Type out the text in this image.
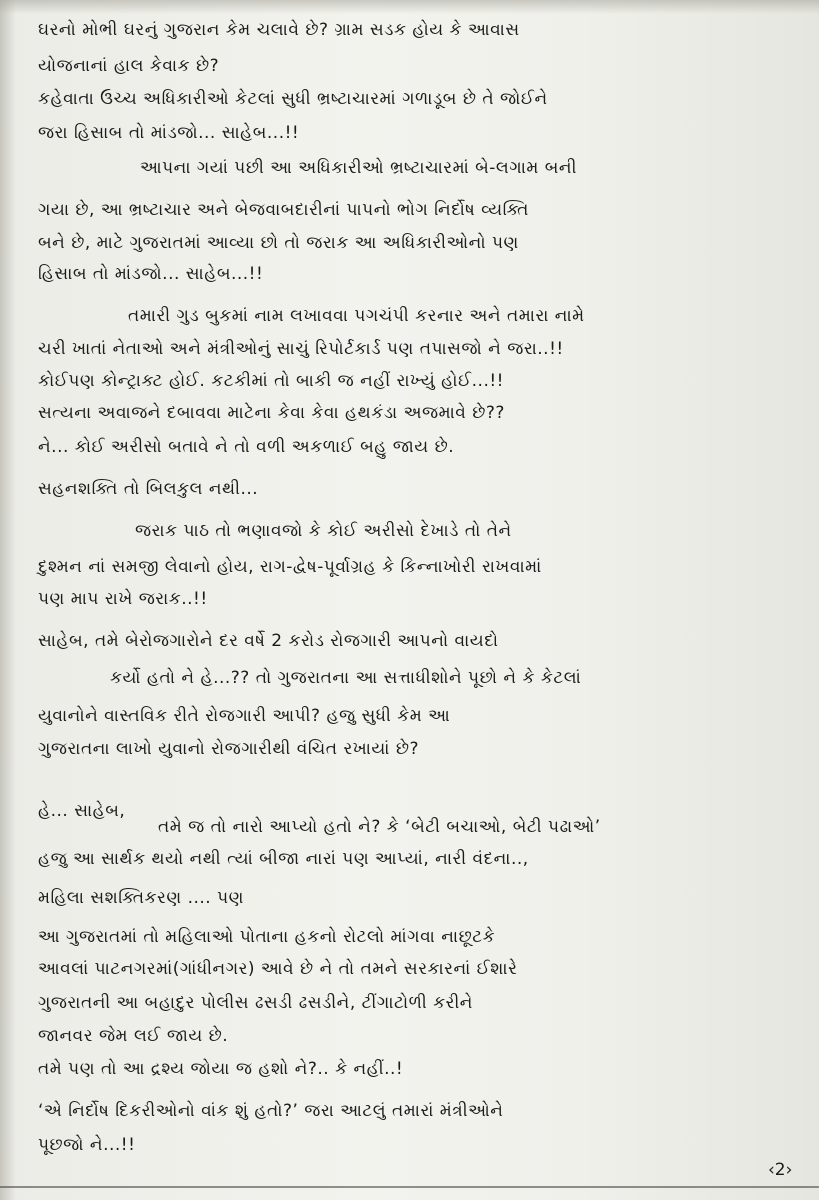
ઘરનો મોભી ઘરનું ગુજરાન કેમ ચલાવે છે? ગ્રામ સડક હોય કે આવાસ
યોજનાનાં હાલ કેવાક છે?
કહેવાતા ઉચ્ચ અધિકારીઓ કેટલાં સુધી ભ્રષ્ટાચારમાં ગળાડૂબ છે તે જોઈને
જરા હિસાબ તો માંડજો... સાહેબ...!!
આપના ગયાં પછી આ અધિકારીઓ ભ્રષ્ટાચારમાં બે-લગામ બની
ગયા છે, આ ભ્રષ્ટાચાર અને બેજવાબદારીનાં પાપનો ભોગ નિર્દોષ વ્યક્તિ
બને છે, માટે ગુજરાતમાં આવ્યા છો તો જરાક આ અધિકારીઓનો પણ
હિસાબ તો માંડજો... સાહેબ...!!
તમારી ગુડ બુકમાં નામ લખાવવા પગચંપી કરનાર અને તમારા નામે
ચરી ખાતાં નેતાઓ અને મંત્રીઓનું સાચું રિપોર્ટકાર્ડ પણ તપાસજો ને જરા..!!
કોઈપણ કોન્ટ્રાક્ટ હોઈ. કટકીમાં તો બાકી જ નહીં રાખ્યું હોઈ...!!
સત્યના અવાજને દબાવવા માટેના કેવા કેવા હથકંડા અજમાવે છે??
ને... કોઈ અરીસો બતાવે ને તો વળી અકળાઈ બહુ જાય છે.
સહનશક્તિ તો બિલકુલ નથી...
જરાક પાઠ તો ભણાવજો કે કોઈ અરીસો દેખાડે તો તેને
દુશ્મન નાં સમજી લેવાનો હોય, રાગ-દ્વેષ-પૂર્વાગ્રહ કે કિન્નાખોરી રાખવામાં
પણ માપ રાખે જરાક..!!
સાહેબ, તમે બેરોજગારોને દર વર્ષે 2 કરોડ રોજગારી આપનો વાયદો
કર્યો હતો ને હે...?? તો ગુજરાતના આ સત્તાધીશોને પૂછો ને કે કેટલાં
યુવાનોને વાસ્તવિક રીતે રોજગારી આપી? હજુ સુધી કેમ આ
ગુજરાતના લાખો યુવાનો રોજગારીથી વંચિત રખાયાં છે?
હે... સાહેબ,
તમે જ તો નારો આપ્યો હતો ને? કે ‘બેટી બચાઓ, બેટી પઢાઓ’
હજુ આ સાર્થક થયો નથી ત્યાં બીજા નારાં પણ આપ્યાં, નારી વંદના..,
મહિલા સશક્તિકરણ .... પણ
આ ગુજરાતમાં તો મહિલાઓ પોતાના હકનો રોટલો માંગવા નાછૂટકે
આવલાં પાટનગરમાં(ગાંધીનગર) આવે છે ને તો તમને સરકારનાં ઈશારે
ગુજરાતની આ બહાદુર પોલીસ ઢસડી ઢસડીને, ટીંગાટોળી કરીને
જાનવર જેમ લઈ જાય છે.
તમે પણ તો આ દ્રશ્ય જોયા જ હશો ને?.. કે નહીં..!
‘એ નિર્દોષ દિકરીઓનો વાંક શું હતો?’ જરા આટલું તમારાં મંત્રીઓને
પૂછજો ને...!!
‹2›
